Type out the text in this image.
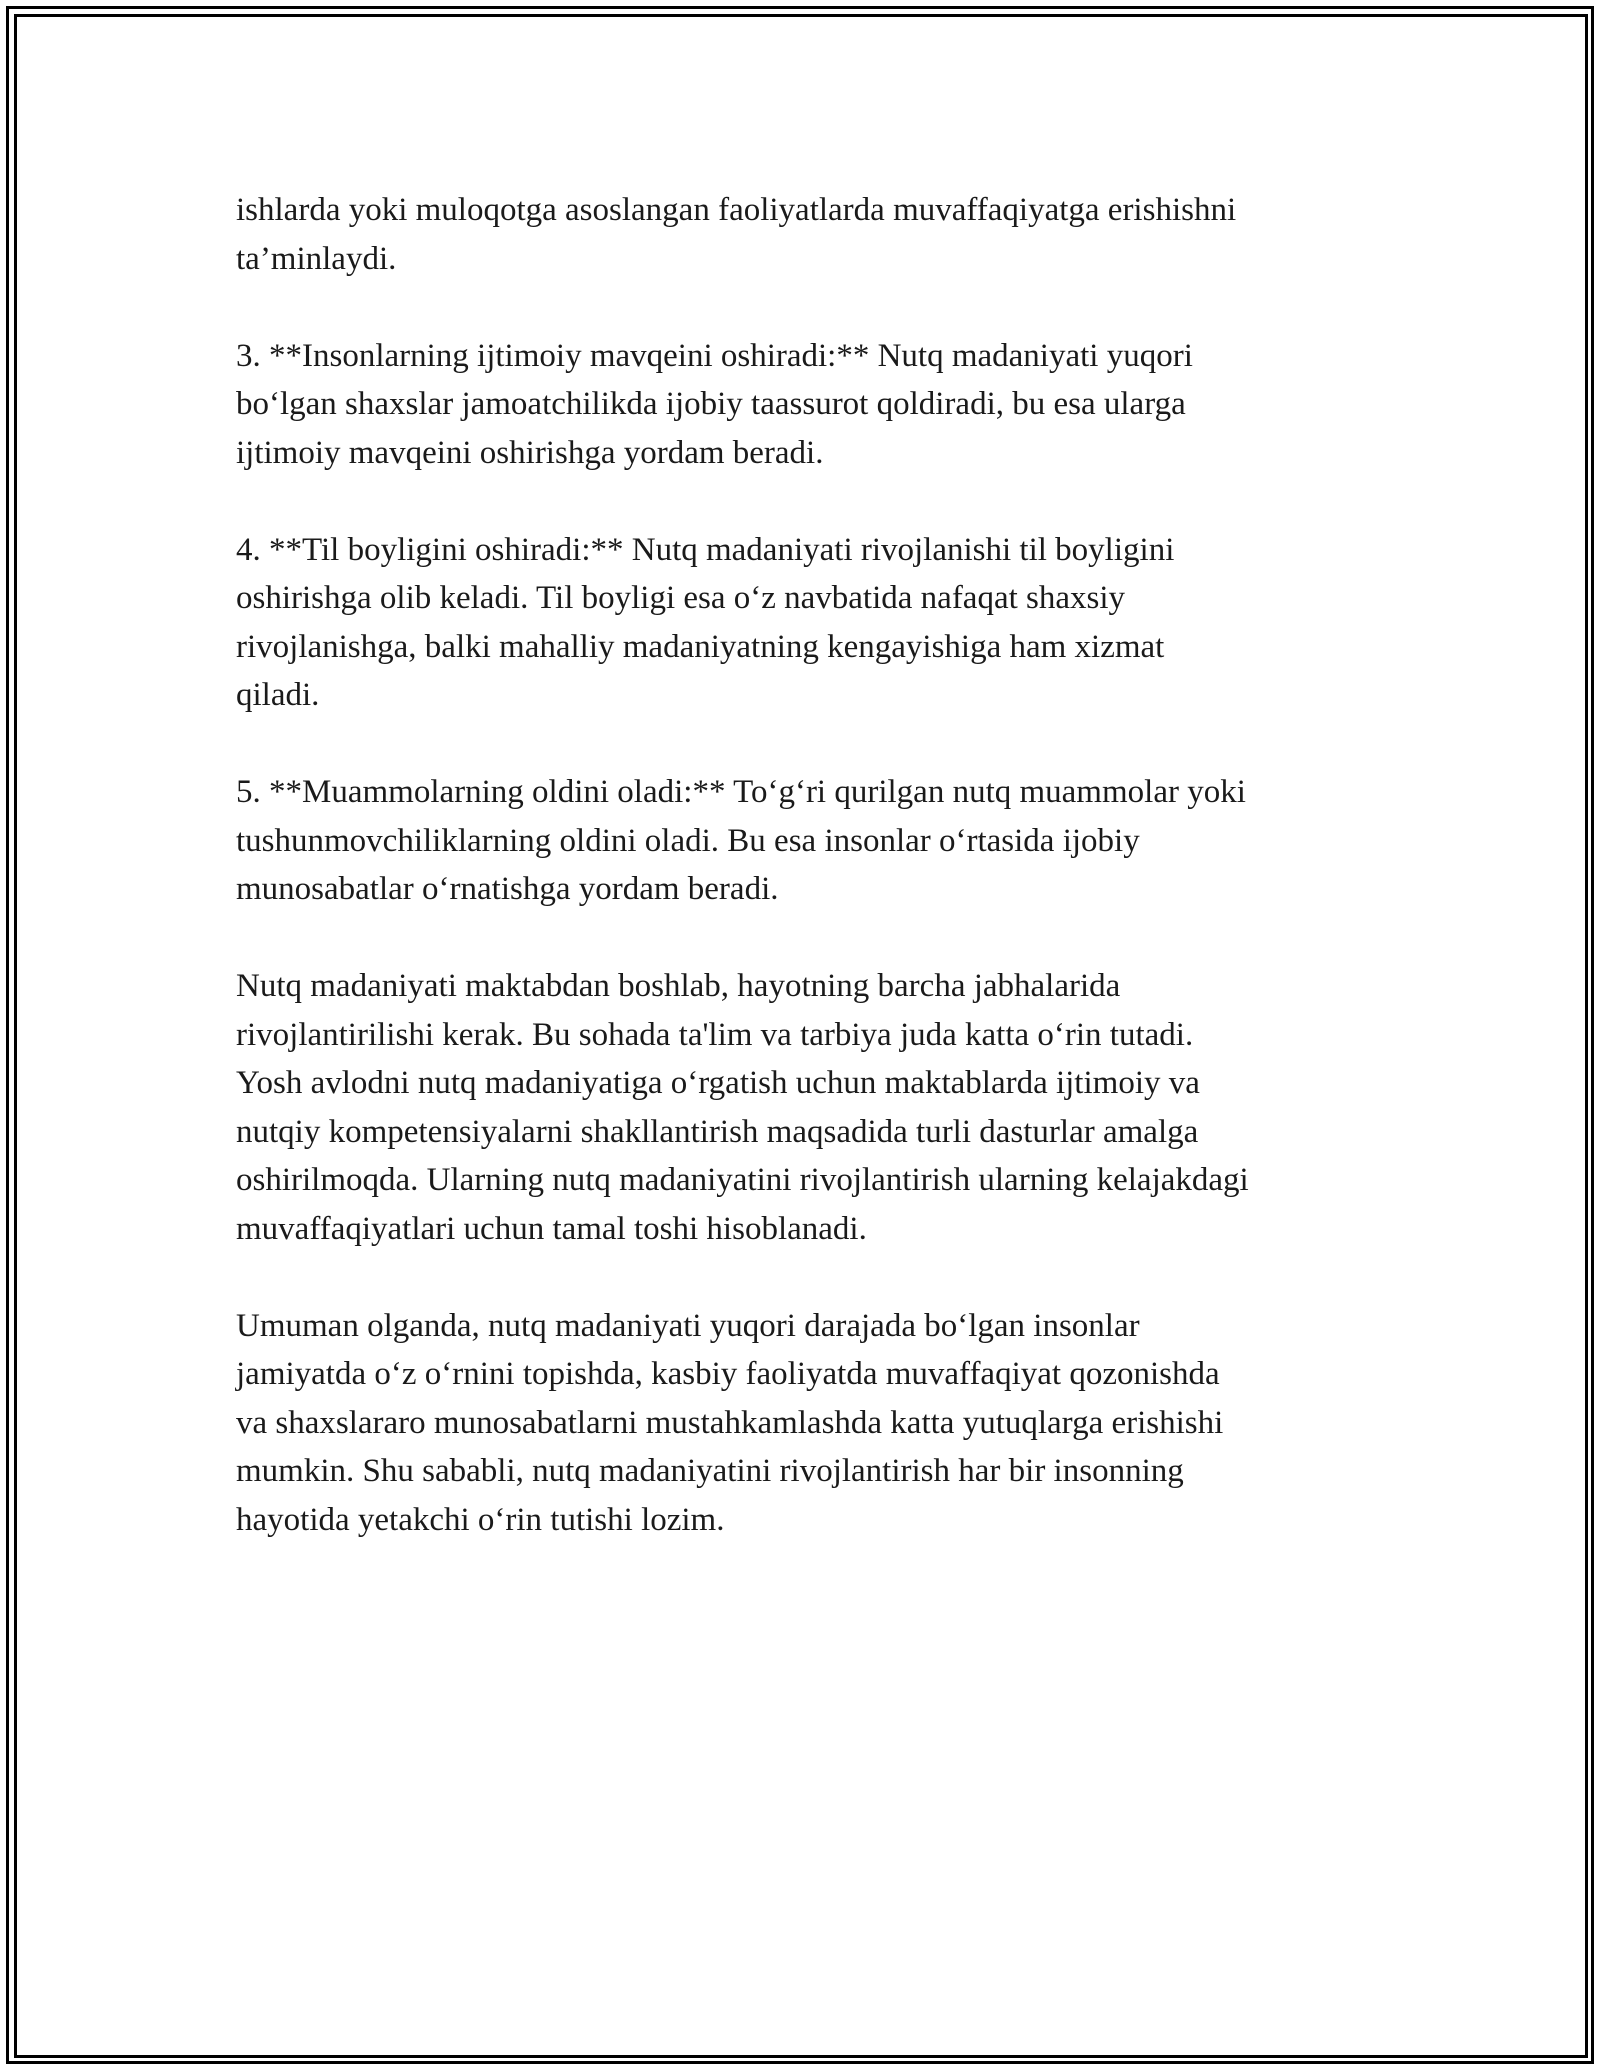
ishlarda yoki muloqotga asoslangan faoliyatlarda muvaffaqiyatga erishishni
ta’minlaydi.

3. **Insonlarning ijtimoiy mavqeini oshiradi:** Nutq madaniyati yuqori
bo‘lgan shaxslar jamoatchilikda ijobiy taassurot qoldiradi, bu esa ularga
ijtimoiy mavqeini oshirishga yordam beradi.

4. **Til boyligini oshiradi:** Nutq madaniyati rivojlanishi til boyligini
oshirishga olib keladi. Til boyligi esa o‘z navbatida nafaqat shaxsiy
rivojlanishga, balki mahalliy madaniyatning kengayishiga ham xizmat
qiladi.

5. **Muammolarning oldini oladi:** To‘g‘ri qurilgan nutq muammolar yoki
tushunmovchiliklarning oldini oladi. Bu esa insonlar o‘rtasida ijobiy
munosabatlar o‘rnatishga yordam beradi.

Nutq madaniyati maktabdan boshlab, hayotning barcha jabhalarida
rivojlantirilishi kerak. Bu sohada ta'lim va tarbiya juda katta o‘rin tutadi.
Yosh avlodni nutq madaniyatiga o‘rgatish uchun maktablarda ijtimoiy va
nutqiy kompetensiyalarni shakllantirish maqsadida turli dasturlar amalga
oshirilmoqda. Ularning nutq madaniyatini rivojlantirish ularning kelajakdagi
muvaffaqiyatlari uchun tamal toshi hisoblanadi.

Umuman olganda, nutq madaniyati yuqori darajada bo‘lgan insonlar
jamiyatda o‘z o‘rnini topishda, kasbiy faoliyatda muvaffaqiyat qozonishda
va shaxslararo munosabatlarni mustahkamlashda katta yutuqlarga erishishi
mumkin. Shu sababli, nutq madaniyatini rivojlantirish har bir insonning
hayotida yetakchi o‘rin tutishi lozim.
